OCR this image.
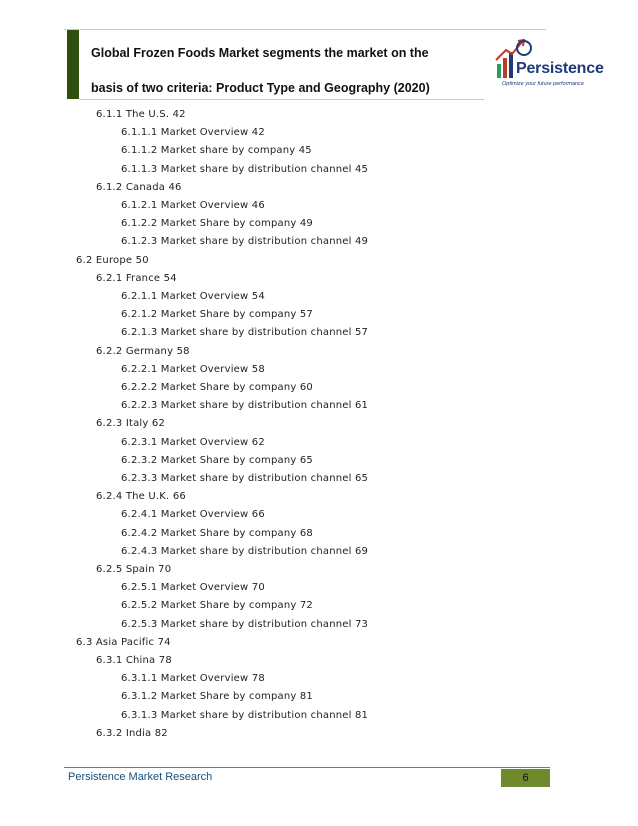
Global Frozen Foods Market segments the market on the
basis of two criteria: Product Type and Geography (2020)
Persistence
Optimize your future performance
6.1.1 The U.S. 42
6.1.1.1 Market Overview 42
6.1.1.2 Market share by company 45
6.1.1.3 Market share by distribution channel 45
6.1.2 Canada 46
6.1.2.1 Market Overview 46
6.1.2.2 Market Share by company 49
6.1.2.3 Market share by distribution channel 49
6.2 Europe 50
6.2.1 France 54
6.2.1.1 Market Overview 54
6.2.1.2 Market Share by company 57
6.2.1.3 Market share by distribution channel 57
6.2.2 Germany 58
6.2.2.1 Market Overview 58
6.2.2.2 Market Share by company 60
6.2.2.3 Market share by distribution channel 61
6.2.3 Italy 62
6.2.3.1 Market Overview 62
6.2.3.2 Market Share by company 65
6.2.3.3 Market share by distribution channel 65
6.2.4 The U.K. 66
6.2.4.1 Market Overview 66
6.2.4.2 Market Share by company 68
6.2.4.3 Market share by distribution channel 69
6.2.5 Spain 70
6.2.5.1 Market Overview 70
6.2.5.2 Market Share by company 72
6.2.5.3 Market share by distribution channel 73
6.3 Asia Pacific 74
6.3.1 China 78
6.3.1.1 Market Overview 78
6.3.1.2 Market Share by company 81
6.3.1.3 Market share by distribution channel 81
6.3.2 India 82
Persistence Market Research	6
